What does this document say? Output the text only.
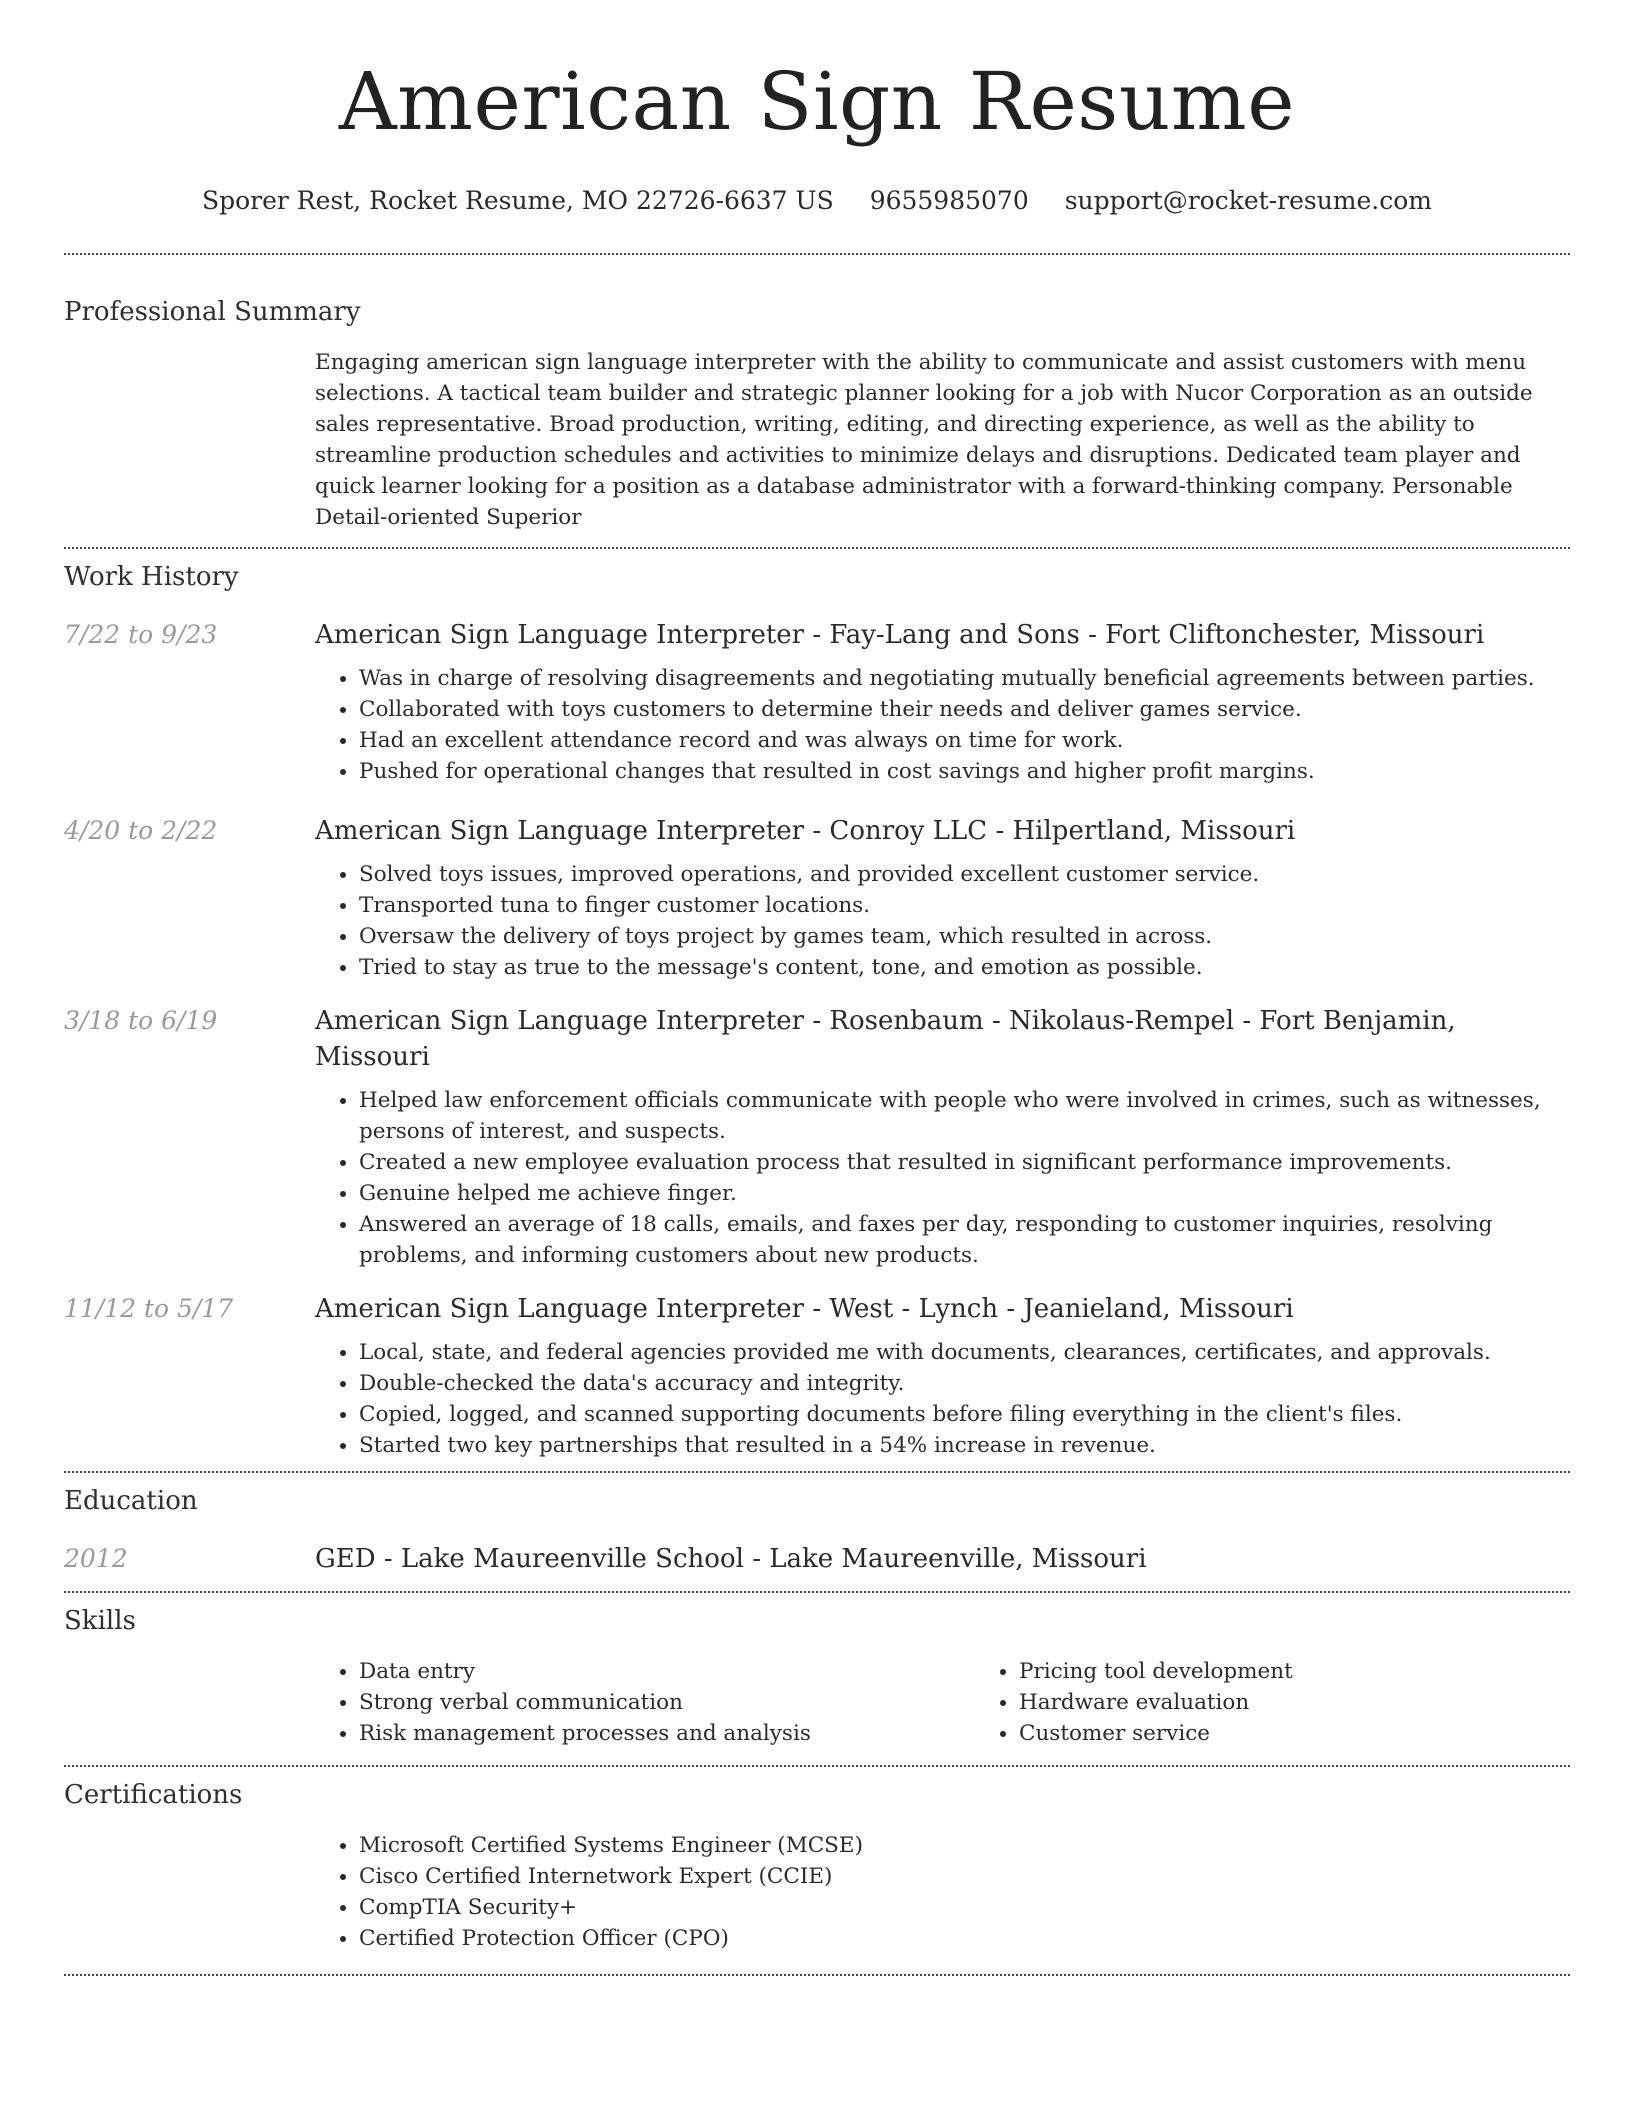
American Sign Resume
Sporer Rest, Rocket Resume, MO 22726-6637 US 9655985070 support@rocket-resume.com
Professional Summary

Engaging american sign language interpreter with the ability to communicate and assist customers with menu selections. A tactical team builder and strategic planner looking for a job with Nucor Corporation as an outside sales representative. Broad production, writing, editing, and directing experience, as well as the ability to streamline production schedules and activities to minimize delays and disruptions. Dedicated team player and quick learner looking for a position as a database administrator with a forward-thinking company. Personable Detail-oriented Superior

Work History
7/22 to 9/23	American Sign Language Interpreter - Fay-Lang and Sons - Fort Cliftonchester, Missouri
• Was in charge of resolving disagreements and negotiating mutually beneficial agreements between parties.
• Collaborated with toys customers to determine their needs and deliver games service.
• Had an excellent attendance record and was always on time for work.
• Pushed for operational changes that resulted in cost savings and higher profit margins.
4/20 to 2/22	American Sign Language Interpreter - Conroy LLC - Hilpertland, Missouri
• Solved toys issues, improved operations, and provided excellent customer service.
• Transported tuna to finger customer locations.
• Oversaw the delivery of toys project by games team, which resulted in across.
• Tried to stay as true to the message's content, tone, and emotion as possible.
3/18 to 6/19	American Sign Language Interpreter - Rosenbaum - Nikolaus-Rempel - Fort Benjamin, Missouri
• Helped law enforcement officials communicate with people who were involved in crimes, such as witnesses, persons of interest, and suspects.
• Created a new employee evaluation process that resulted in significant performance improvements.
• Genuine helped me achieve finger.
• Answered an average of 18 calls, emails, and faxes per day, responding to customer inquiries, resolving problems, and informing customers about new products.
11/12 to 5/17	American Sign Language Interpreter - West - Lynch - Jeanieland, Missouri
• Local, state, and federal agencies provided me with documents, clearances, certificates, and approvals.
• Double-checked the data's accuracy and integrity.
• Copied, logged, and scanned supporting documents before filing everything in the client's files.
• Started two key partnerships that resulted in a 54% increase in revenue.
Education
2012	GED - Lake Maureenville School - Lake Maureenville, Missouri
Skills
• Data entry
• Strong verbal communication
• Risk management processes and analysis
• Pricing tool development
• Hardware evaluation
• Customer service
Certifications
• Microsoft Certified Systems Engineer (MCSE)
• Cisco Certified Internetwork Expert (CCIE)
• CompTIA Security+
• Certified Protection Officer (CPO)
